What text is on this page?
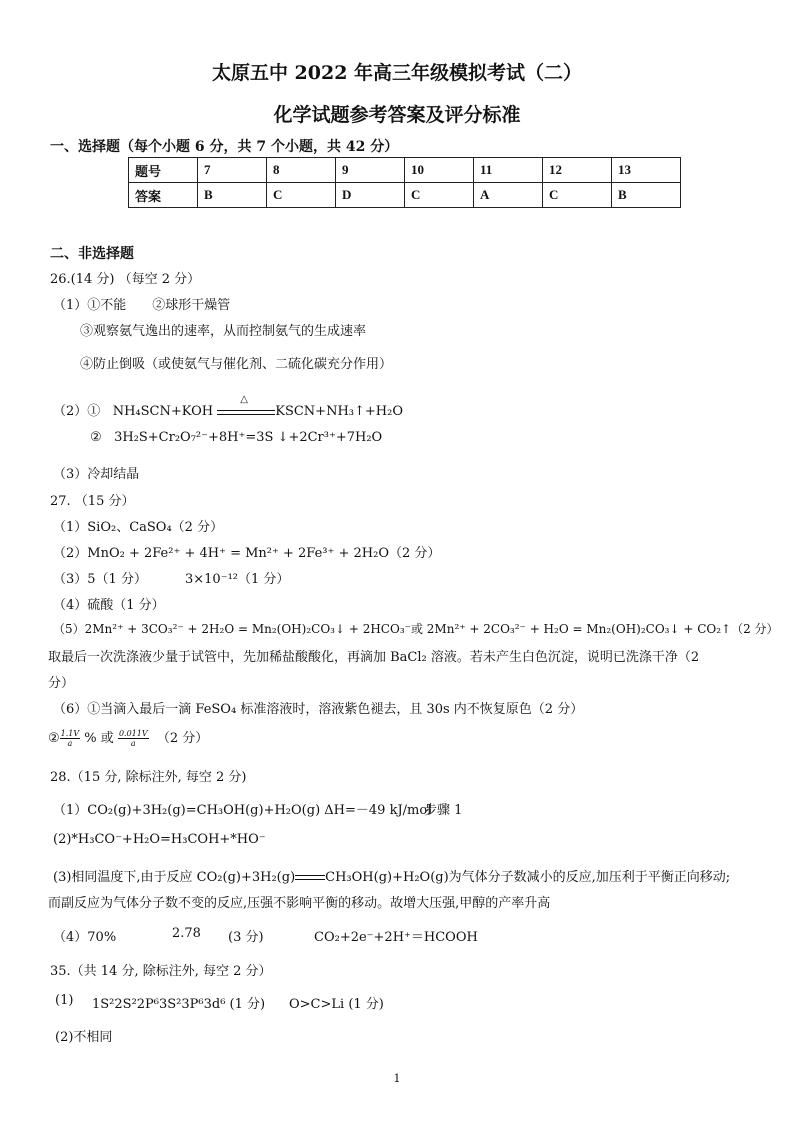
太原五中 2022 年高三年级模拟考试（二）
化学试题参考答案及评分标准
一、选择题（每个小题 6 分，共 7 个小题，共 42 分）
题号	7	8	9	10	11	12	13
答案	B	C	D	C	A	C	B
二、非选择题
26.(14 分) （每空 2 分）
（1）①不能　　②球形干燥管
③观察氨气逸出的速率，从而控制氨气的生成速率
④防止倒吸（或使氨气与催化剂、二硫化碳充分作用）
（2）① NH₄SCN+KOH
△
KSCN+NH₃↑+H₂O
② 3H₂S+Cr₂O₇²⁻+8H⁺=3S ↓+2Cr³⁺+7H₂O
（3）冷却结晶
27. （15 分）
（1）SiO₂、CaSO₄（2 分）
（2）MnO₂ + 2Fe²⁺ + 4H⁺ = Mn²⁺ + 2Fe³⁺ + 2H₂O（2 分）
（3）5（1 分）	3×10⁻¹²（1 分）
（4）硫酸（1 分）
（5）2Mn²⁺ + 3CO₃²⁻ + 2H₂O = Mn₂(OH)₂CO₃↓ + 2HCO₃⁻或 2Mn²⁺ + 2CO₃²⁻ + H₂O = Mn₂(OH)₂CO₃↓ + CO₂↑（2 分）
取最后一次洗涤液少量于试管中，先加稀盐酸酸化，再滴加 BaCl₂ 溶液。若未产生白色沉淀，说明已洗涤干净（2
分）
（6）①当滴入最后一滴 FeSO₄ 标准溶液时，溶液紫色褪去，且 30s 内不恢复原色（2 分）
② $\frac{1.1V}{a}$ % 或 $\frac{0.011V}{a} (2$ 分）
28.（15 分, 除标注外, 每空 2 分)
（1）CO₂(g)+3H₂(g)=CH₃OH(g)+H₂O(g) ΔH=－49 kJ/mol
步骤 1
(2)*H₃CO⁻+H₂O=H₃COH+*HO⁻
(3)相同温度下,由于反应 CO₂(g)+3H₂(g) CH₃OH(g)+H₂O(g)为气体分子数减小的反应,加压利于平衡正向移动;
而副反应为气体分子数不变的反应,压强不影响平衡的移动。故增大压强,甲醇的产率升高
（4）70%	2.78 (3 分)	CO₂+2e⁻+2H⁺＝HCOOH
35.（共 14 分, 除标注外, 每空 2 分）
(1) 1S²2S²2P⁶3S²3P⁶3d⁶ (1 分) O>C>Li (1 分)
(2)不相同
1
